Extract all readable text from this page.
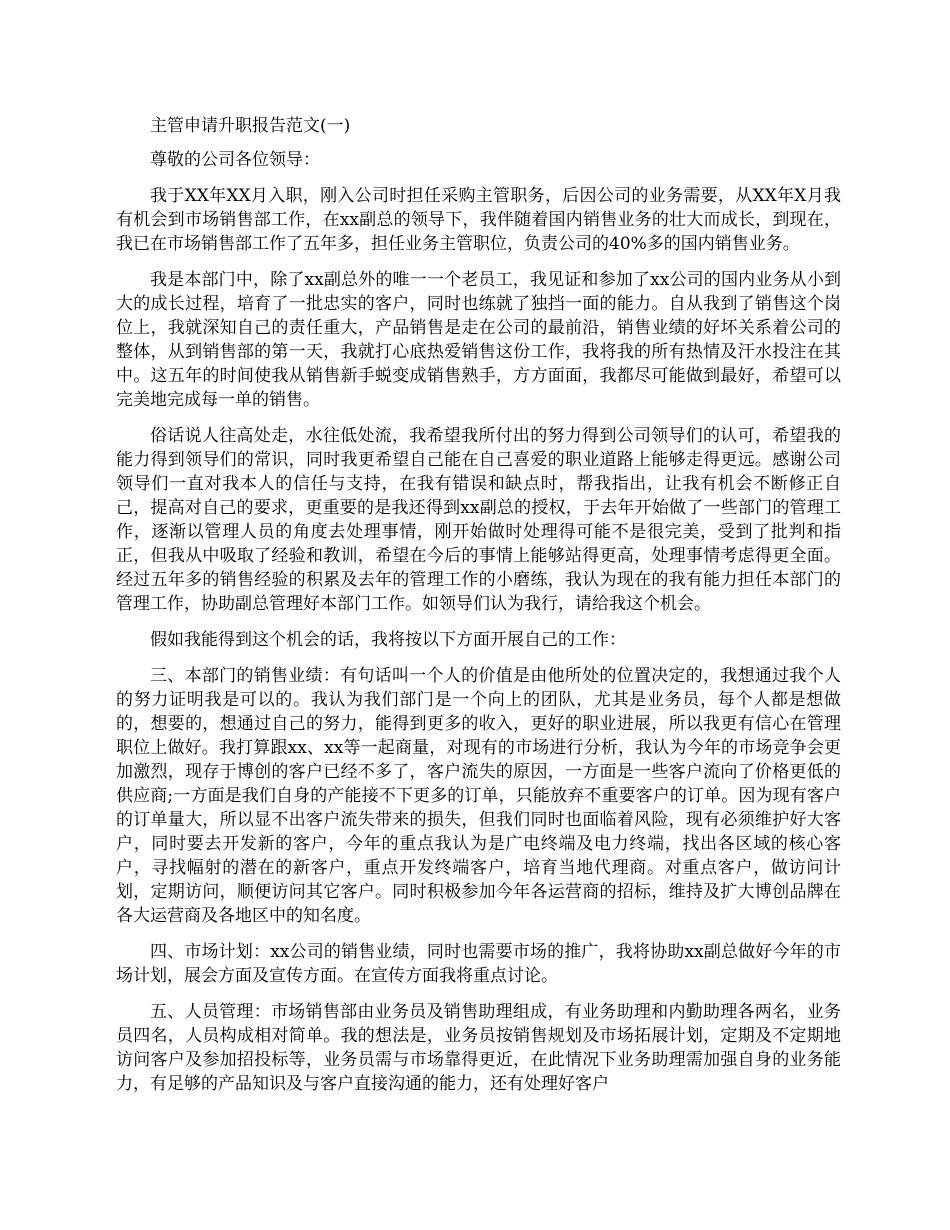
主管申请升职报告范文(一)

尊敬的公司各位领导：

我于XX年XX月入职，刚入公司时担任采购主管职务，后因公司的业务需要，从XX年X月我有机会到市场销售部工作，在xx副总的领导下，我伴随着国内销售业务的壮大而成长，到现在，我已在市场销售部工作了五年多，担任业务主管职位，负责公司的40%多的国内销售业务。

我是本部门中，除了xx副总外的唯一一个老员工，我见证和参加了xx公司的国内业务从小到大的成长过程，培育了一批忠实的客户，同时也练就了独挡一面的能力。自从我到了销售这个岗位上，我就深知自己的责任重大，产品销售是走在公司的最前沿，销售业绩的好坏关系着公司的整体，从到销售部的第一天，我就打心底热爱销售这份工作，我将我的所有热情及汗水投注在其中。这五年的时间使我从销售新手蜕变成销售熟手，方方面面，我都尽可能做到最好，希望可以完美地完成每一单的销售。

俗话说人往高处走，水往低处流，我希望我所付出的努力得到公司领导们的认可，希望我的能力得到领导们的常识，同时我更希望自己能在自己喜爱的职业道路上能够走得更远。感谢公司领导们一直对我本人的信任与支持，在我有错误和缺点时，帮我指出，让我有机会不断修正自己，提高对自己的要求，更重要的是我还得到xx副总的授权，于去年开始做了一些部门的管理工作，逐渐以管理人员的角度去处理事情，刚开始做时处理得可能不是很完美，受到了批判和指正，但我从中吸取了经验和教训，希望在今后的事情上能够站得更高，处理事情考虑得更全面。经过五年多的销售经验的积累及去年的管理工作的小磨练，我认为现在的我有能力担任本部门的管理工作，协助副总管理好本部门工作。如领导们认为我行，请给我这个机会。

假如我能得到这个机会的话，我将按以下方面开展自己的工作：

三、本部门的销售业绩：有句话叫一个人的价值是由他所处的位置决定的，我想通过我个人的努力证明我是可以的。我认为我们部门是一个向上的团队，尤其是业务员，每个人都是想做的，想要的，想通过自己的努力，能得到更多的收入，更好的职业进展，所以我更有信心在管理职位上做好。我打算跟xx、xx等一起商量，对现有的市场进行分析，我认为今年的市场竞争会更加激烈，现存于博创的客户已经不多了，客户流失的原因，一方面是一些客户流向了价格更低的供应商;一方面是我们自身的产能接不下更多的订单，只能放弃不重要客户的订单。因为现有客户的订单量大，所以显不出客户流失带来的损失，但我们同时也面临着风险，现有必须维护好大客户，同时要去开发新的客户，今年的重点我认为是广电终端及电力终端，找出各区域的核心客户，寻找幅射的潜在的新客户，重点开发终端客户，培育当地代理商。对重点客户，做访问计划，定期访问，顺便访问其它客户。同时积极参加今年各运营商的招标，维持及扩大博创品牌在各大运营商及各地区中的知名度。

四、市场计划：xx公司的销售业绩，同时也需要市场的推广，我将协助xx副总做好今年的市场计划，展会方面及宣传方面。在宣传方面我将重点讨论。

五、人员管理：市场销售部由业务员及销售助理组成，有业务助理和内勤助理各两名，业务员四名，人员构成相对简单。我的想法是，业务员按销售规划及市场拓展计划，定期及不定期地访问客户及参加招投标等，业务员需与市场靠得更近，在此情况下业务助理需加强自身的业务能力，有足够的产品知识及与客户直接沟通的能力，还有处理好客户
